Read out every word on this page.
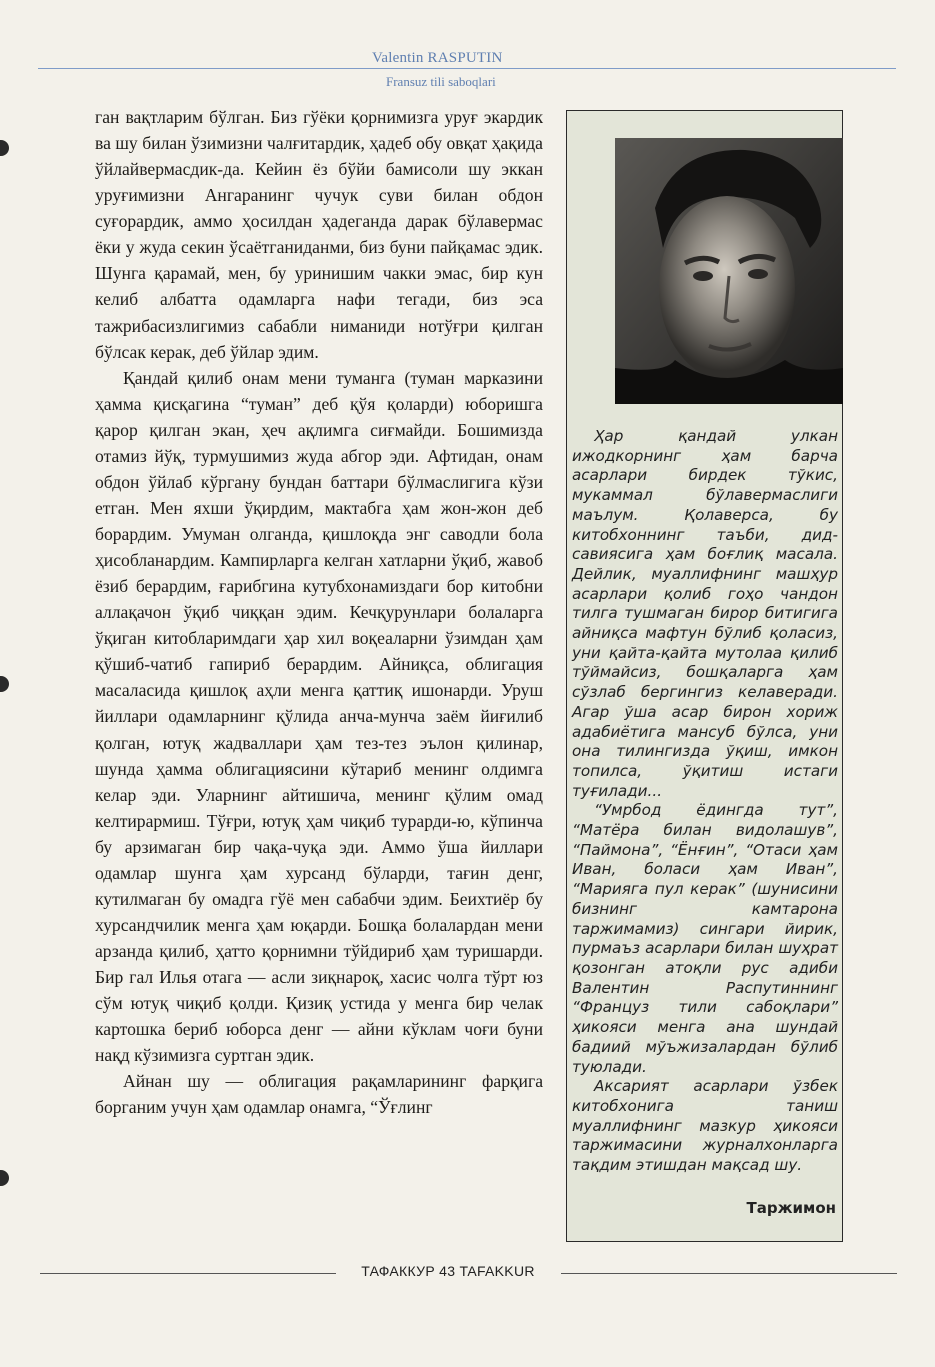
Valentin RASPUTIN
Fransuz tili saboqlari

ган вақтларим бўлган. Биз гўёки қорнимизга уруғ экардик ва шу билан ўзимизни чалғитардик, ҳадеб обу овқат ҳақида ўйлайвермасдик-да. Кейин ёз бўйи бамисоли шу эккан уруғимизни Ангаранинг чучук суви билан обдон суғорардик, аммо ҳосилдан ҳадеганда дарак бўлавермас ёки у жуда секин ўсаётганиданми, биз буни пайқамас эдик. Шунга қарамай, мен, бу уринишим чакки эмас, бир кун келиб албатта одамларга нафи тегади, биз эса тажрибасизлигимиз сабабли ниманиди нотўғри қилган бўлсак керак, деб ўйлар эдим.

Қандай қилиб онам мени туманга (туман марказини ҳамма қисқагина “туман” деб қўя қоларди) юборишга қарор қилган экан, ҳеч ақлимга сиғмайди. Бошимизда отамиз йўқ, турмушимиз жуда абгор эди. Афтидан, онам обдон ўйлаб кўргану бундан баттари бўлмаслигига кўзи етган. Мен яхши ўқирдим, мактабга ҳам жон-жон деб борардим. Умуман олганда, қишлоқда энг саводли бола ҳисобланардим. Кампирларга келган хатларни ўқиб, жавоб ёзиб берардим, ғарибгина кутубхонамиздаги бор китобни аллақачон ўқиб чиққан эдим. Кечқурунлари болаларга ўқиган китобларимдаги ҳар хил воқеаларни ўзимдан ҳам қўшиб-чатиб гапириб берардим. Айниқса, облигация масаласида қишлоқ аҳли менга қаттиқ ишонарди. Уруш йиллари одамларнинг қўлида анча-мунча заём йиғилиб қолган, ютуқ жадваллари ҳам тез-тез эълон қилинар, шунда ҳамма облигациясини кўтариб менинг олдимга келар эди. Уларнинг айтишича, менинг қўлим омад келтирармиш. Тўғри, ютуқ ҳам чиқиб турарди-ю, кўпинча бу арзимаган бир чақа-чуқа эди. Аммо ўша йиллари одамлар шунга ҳам хурсанд бўларди, тағин денг, кутилмаган бу омадга гўё мен сабабчи эдим. Беихтиёр бу хурсандчилик менга ҳам юқарди. Бошқа болалардан мени арзанда қилиб, ҳатто қорнимни тўйдириб ҳам туришарди. Бир гал Илья отага — асли зиқнароқ, хасис чолга тўрт юз сўм ютуқ чиқиб қолди. Қизиқ устида у менга бир челак картошка бериб юборса денг — айни кўклам чоғи буни нақд кўзимизга суртган эдик.

Айнан шу — облигация рақамларининг фарқига борганим учун ҳам одамлар онамга, “Ўғлинг

Ҳар қандай улкан ижодкорнинг ҳам барча асарлари бирдек тўкис, мукаммал бўлавермаслиги маълум. Қолаверса, бу китобхоннинг таъби, дид-савиясига ҳам боғлиқ масала. Дейлик, муаллифнинг машҳур асарлари қолиб гоҳо чандон тилга тушмаган бирор битигига айниқса мафтун бўлиб қоласиз, уни қайта-қайта мутолаа қилиб тўймайсиз, бошқаларга ҳам сўзлаб бергингиз келаверади. Агар ўша асар бирон хориж адабиётига мансуб бўлса, уни она тилингизда ўқиш, имкон топилса, ўқитиш истаги туғилади...

“Умрбод ёдингда тут”, “Матёра билан видолашув”, “Паймона”, “Ёнғин”, “Отаси ҳам Иван, боласи ҳам Иван”, “Марияга пул керак” (шунисини бизнинг камтарона таржимамиз) сингари йирик, пурмаъз асарлари билан шуҳрат қозонган атоқли рус адиби Валентин Распутиннинг “Француз тили сабоқлари” ҳикояси менга ана шундай бадиий мўъжизалардан бўлиб туюлади.

Аксарият асарлари ўзбек китобхонига таниш муаллифнинг мазкур ҳикояси таржимасини журналхонларга тақдим этишдан мақсад шу.

Таржимон
ТАФАККУР 43 TAFAKKUR
